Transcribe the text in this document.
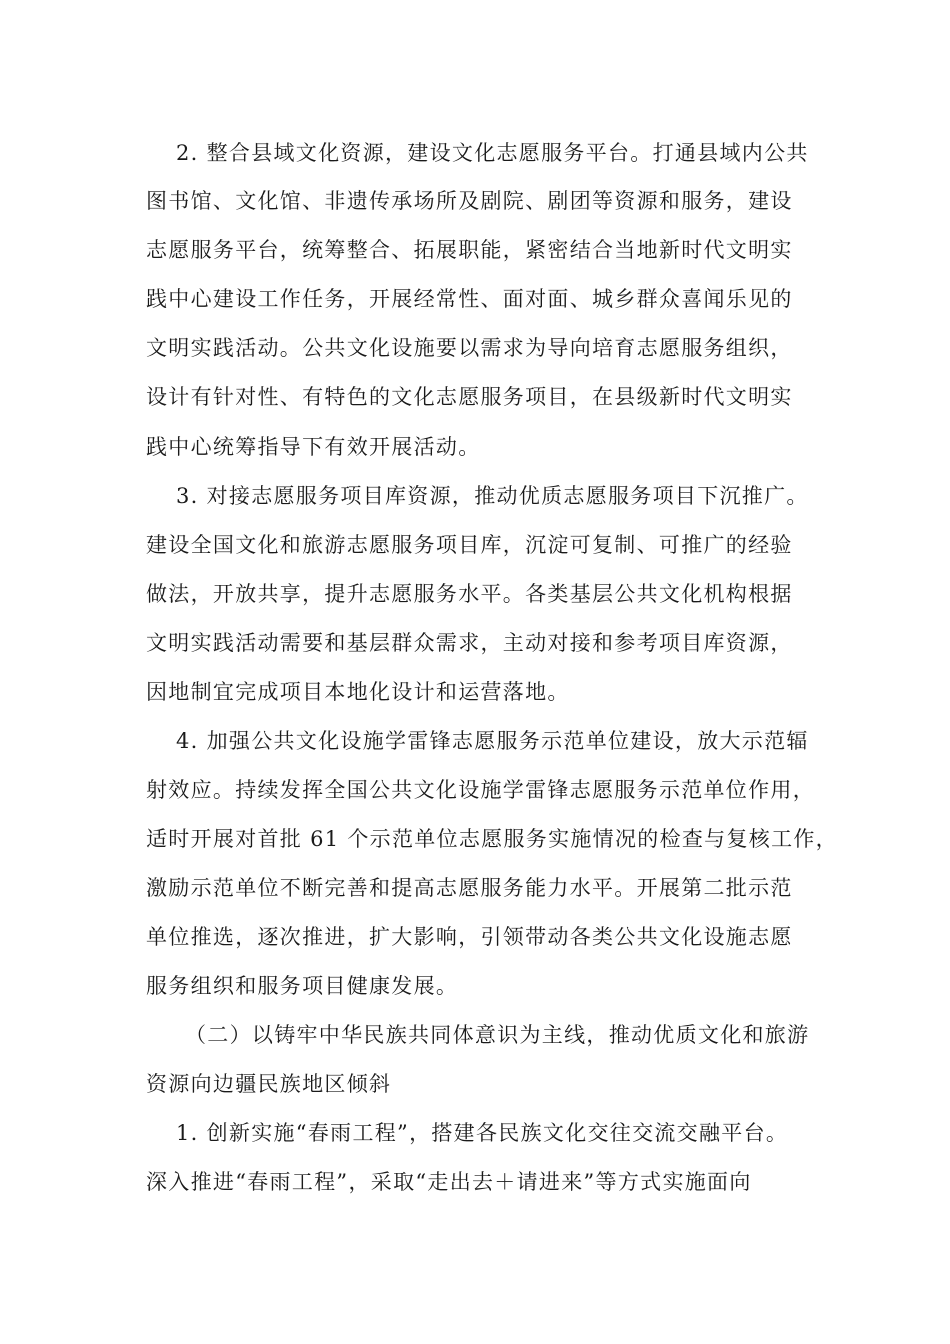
2. 整合县域文化资源，建设文化志愿服务平台。打通县域内公共
图书馆、文化馆、非遗传承场所及剧院、剧团等资源和服务，建设
志愿服务平台，统筹整合、拓展职能，紧密结合当地新时代文明实
践中心建设工作任务，开展经常性、面对面、城乡群众喜闻乐见的
文明实践活动。公共文化设施要以需求为导向培育志愿服务组织，
设计有针对性、有特色的文化志愿服务项目，在县级新时代文明实
践中心统筹指导下有效开展活动。
3. 对接志愿服务项目库资源，推动优质志愿服务项目下沉推广。
建设全国文化和旅游志愿服务项目库，沉淀可复制、可推广的经验
做法，开放共享，提升志愿服务水平。各类基层公共文化机构根据
文明实践活动需要和基层群众需求，主动对接和参考项目库资源，
因地制宜完成项目本地化设计和运营落地。
4. 加强公共文化设施学雷锋志愿服务示范单位建设，放大示范辐
射效应。持续发挥全国公共文化设施学雷锋志愿服务示范单位作用，
适时开展对首批 61 个示范单位志愿服务实施情况的检查与复核工作，
激励示范单位不断完善和提高志愿服务能力水平。开展第二批示范
单位推选，逐次推进，扩大影响，引领带动各类公共文化设施志愿
服务组织和服务项目健康发展。
（二）以铸牢中华民族共同体意识为主线，推动优质文化和旅游
资源向边疆民族地区倾斜
1. 创新实施“春雨工程”，搭建各民族文化交往交流交融平台。
深入推进“春雨工程”，采取“走出去＋请进来”等方式实施面向
